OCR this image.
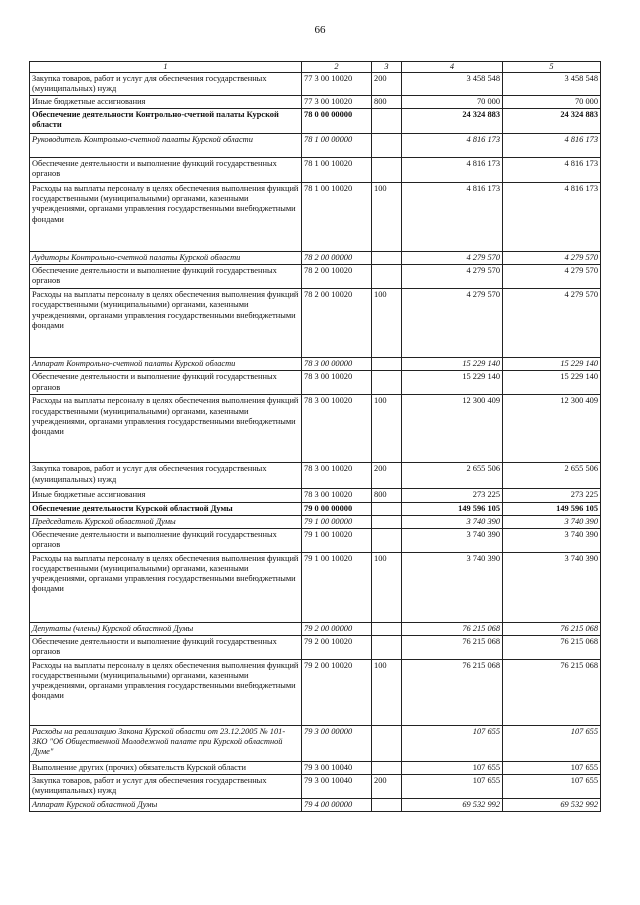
66
1	2	3	4	5
Закупка товаров, работ и услуг для обеспечения государственных (муниципальных) нужд	77 3 00 10020	200	3 458 548	3 458 548
Иные бюджетные ассигнования	77 3 00 10020	800	70 000	70 000
Обеспечение деятельности Контрольно-счетной палаты Курской области	78 0 00 00000		24 324 883	24 324 883
Руководитель Контрольно-счетной палаты Курской области	78 1 00 00000		4 816 173	4 816 173
Обеспечение деятельности и выполнение функций государственных органов	78 1 00 10020		4 816 173	4 816 173
Расходы на выплаты персоналу в целях обеспечения выполнения функций государственными (муниципальными) органами, казенными учреждениями, органами управления государственными внебюджетными фондами	78 1 00 10020	100	4 816 173	4 816 173
Аудиторы Контрольно-счетной палаты Курской области	78 2 00 00000		4 279 570	4 279 570
Обеспечение деятельности и выполнение функций государственных органов	78 2 00 10020		4 279 570	4 279 570
Расходы на выплаты персоналу в целях обеспечения выполнения функций государственными (муниципальными) органами, казенными учреждениями, органами управления государственными внебюджетными фондами	78 2 00 10020	100	4 279 570	4 279 570
Аппарат Контрольно-счетной палаты Курской области	78 3 00 00000		15 229 140	15 229 140
Обеспечение деятельности и выполнение функций государственных органов	78 3 00 10020		15 229 140	15 229 140
Расходы на выплаты персоналу в целях обеспечения выполнения функций государственными (муниципальными) органами, казенными учреждениями, органами управления государственными внебюджетными фондами	78 3 00 10020	100	12 300 409	12 300 409
Закупка товаров, работ и услуг для обеспечения государственных (муниципальных) нужд	78 3 00 10020	200	2 655 506	2 655 506
Иные бюджетные ассигнования	78 3 00 10020	800	273 225	273 225
Обеспечение деятельности Курской областной Думы	79 0 00 00000		149 596 105	149 596 105
Председатель Курской областной Думы	79 1 00 00000		3 740 390	3 740 390
Обеспечение деятельности и выполнение функций государственных органов	79 1 00 10020		3 740 390	3 740 390
Расходы на выплаты персоналу в целях обеспечения выполнения функций государственными (муниципальными) органами, казенными учреждениями, органами управления государственными внебюджетными фондами	79 1 00 10020	100	3 740 390	3 740 390
Депутаты (члены) Курской областной Думы	79 2 00 00000		76 215 068	76 215 068
Обеспечение деятельности и выполнение функций государственных органов	79 2 00 10020		76 215 068	76 215 068
Расходы на выплаты персоналу в целях обеспечения выполнения функций государственными (муниципальными) органами, казенными учреждениями, органами управления государственными внебюджетными фондами	79 2 00 10020	100	76 215 068	76 215 068
Расходы на реализацию Закона Курской области от 23.12.2005 № 101-ЗКО "Об Общественной Молодежной палате при Курской областной Думе"	79 3 00 00000		107 655	107 655
Выполнение других (прочих) обязательств Курской области	79 3 00 10040		107 655	107 655
Закупка товаров, работ и услуг для обеспечения государственных (муниципальных) нужд	79 3 00 10040	200	107 655	107 655
Аппарат Курской областной Думы	79 4 00 00000		69 532 992	69 532 992
